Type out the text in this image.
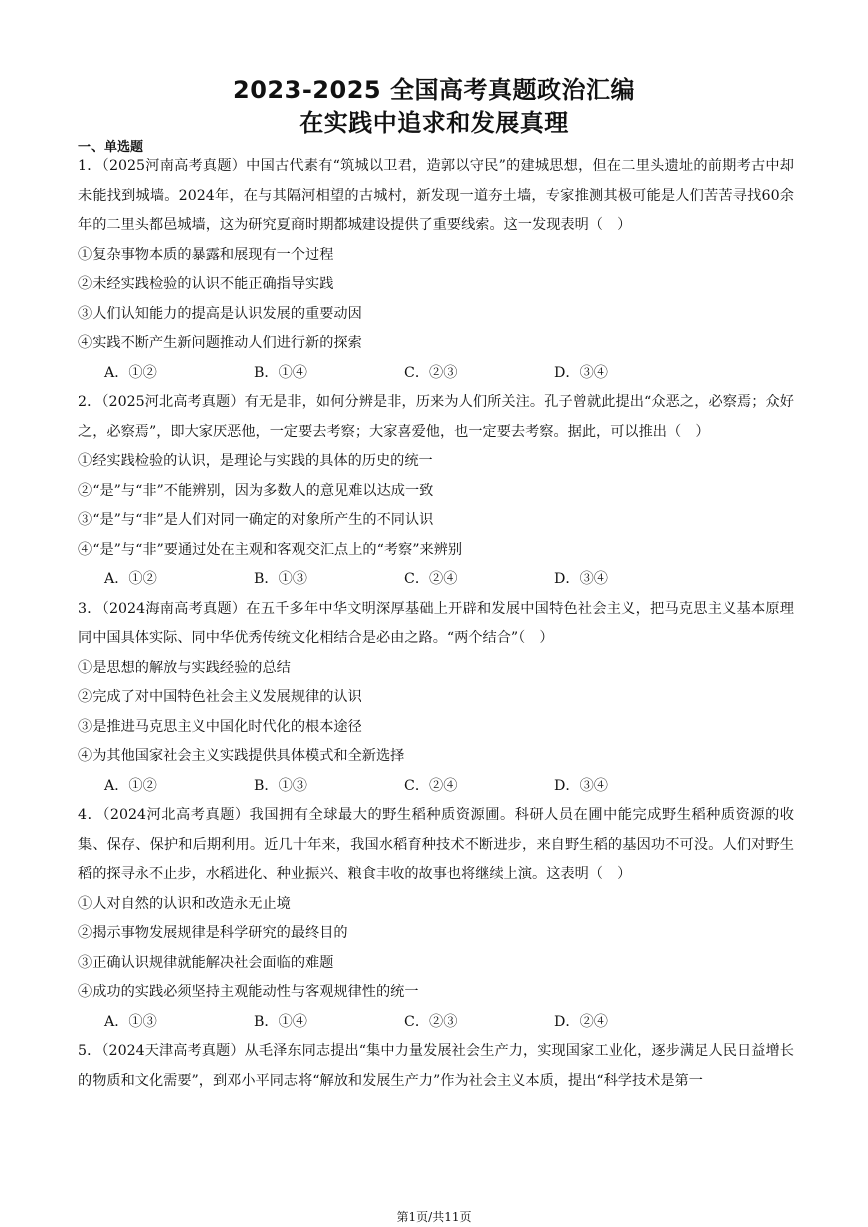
2023-2025 全国高考真题政治汇编
在实践中追求和发展真理
一、单选题
1．（2025河南高考真题）中国古代素有“筑城以卫君，造郭以守民”的建城思想，但在二里头遗址的前期考古中却未能找到城墙。2024年，在与其隔河相望的古城村，新发现一道夯土墙，专家推测其极可能是人们苦苦寻找60余年的二里头都邑城墙，这为研究夏商时期都城建设提供了重要线索。这一发现表明（　）
①复杂事物本质的暴露和展现有一个过程
②未经实践检验的认识不能正确指导实践
③人们认知能力的提高是认识发展的重要动因
④实践不断产生新问题推动人们进行新的探索
A．①②	B．①④	C．②③	D．③④
2．（2025河北高考真题）有无是非，如何分辨是非，历来为人们所关注。孔子曾就此提出“众恶之，必察焉；众好之，必察焉”，即大家厌恶他，一定要去考察；大家喜爱他，也一定要去考察。据此，可以推出（　）
①经实践检验的认识，是理论与实践的具体的历史的统一
②“是”与“非”不能辨别，因为多数人的意见难以达成一致
③“是”与“非”是人们对同一确定的对象所产生的不同认识
④“是”与“非”要通过处在主观和客观交汇点上的“考察”来辨别
A．①②	B．①③	C．②④	D．③④
3．（2024海南高考真题）在五千多年中华文明深厚基础上开辟和发展中国特色社会主义，把马克思主义基本原理同中国具体实际、同中华优秀传统文化相结合是必由之路。“两个结合”（　）
①是思想的解放与实践经验的总结
②完成了对中国特色社会主义发展规律的认识
③是推进马克思主义中国化时代化的根本途径
④为其他国家社会主义实践提供具体模式和全新选择
A．①②	B．①③	C．②④	D．③④
4．（2024河北高考真题）我国拥有全球最大的野生稻种质资源圃。科研人员在圃中能完成野生稻种质资源的收集、保存、保护和后期利用。近几十年来，我国水稻育种技术不断进步，来自野生稻的基因功不可没。人们对野生稻的探寻永不止步，水稻进化、种业振兴、粮食丰收的故事也将继续上演。这表明（　）
①人对自然的认识和改造永无止境
②揭示事物发展规律是科学研究的最终目的
③正确认识规律就能解决社会面临的难题
④成功的实践必须坚持主观能动性与客观规律性的统一
A．①③	B．①④	C．②③	D．②④
5．（2024天津高考真题）从毛泽东同志提出“集中力量发展社会生产力，实现国家工业化，逐步满足人民日益增长的物质和文化需要”，到邓小平同志将“解放和发展生产力”作为社会主义本质，提出“科学技术是第一
第1页/共11页
